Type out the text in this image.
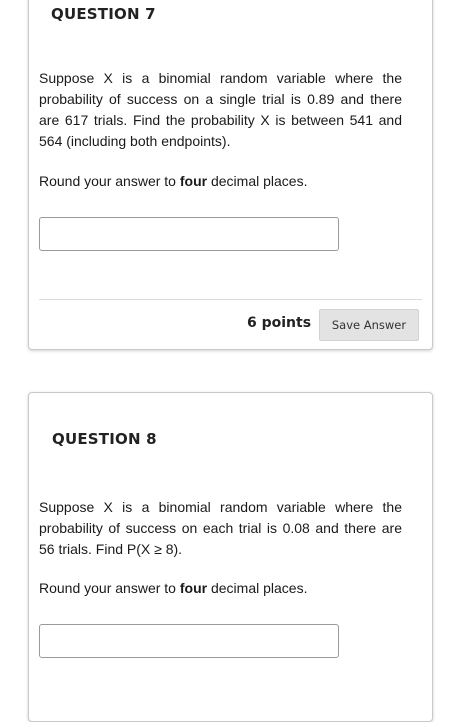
QUESTION 7

Suppose X is a binomial random variable where the probability of success on a single trial is 0.89 and there are 617 trials. Find the probability X is between 541 and 564 (including both endpoints).

Round your answer to four decimal places.

6 points	Save Answer
QUESTION 8

Suppose X is a binomial random variable where the probability of success on each trial is 0.08 and there are 56 trials. Find P(X ≥ 8).

Round your answer to four decimal places.
